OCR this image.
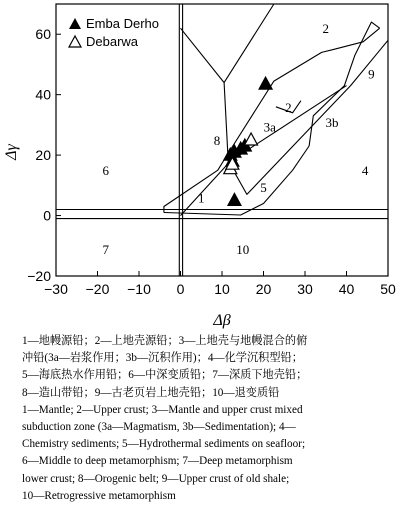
−30 −20 −10 0 10 20 30 40 50
−20
0
20
40
60	2
9
3a
2
3b
8
6	4
5
1
7	10
Emba Derho
Debarwa
Δγ
Δβ

1—地幔源铅；2—上地壳源铅；3—上地壳与地幔混合的俯

冲铅(3a—岩浆作用；3b—沉积作用)；4—化学沉积型铅；

5—海底热水作用铅；6—中深变质铅；7—深质下地壳铅；

8—造山带铅；9—古老页岩上地壳铅；10—退变质铅

1—Mantle; 2—Upper crust; 3—Mantle and upper crust mixed

subduction zone (3a—Magmatism, 3b—Sedimentation); 4—

Chemistry sediments; 5—Hydrothermal sediments on seafloor;

6—Middle to deep metamorphism; 7—Deep metamorphism

lower crust; 8—Orogenic belt; 9—Upper crust of old shale;

10—Retrogressive metamorphism
